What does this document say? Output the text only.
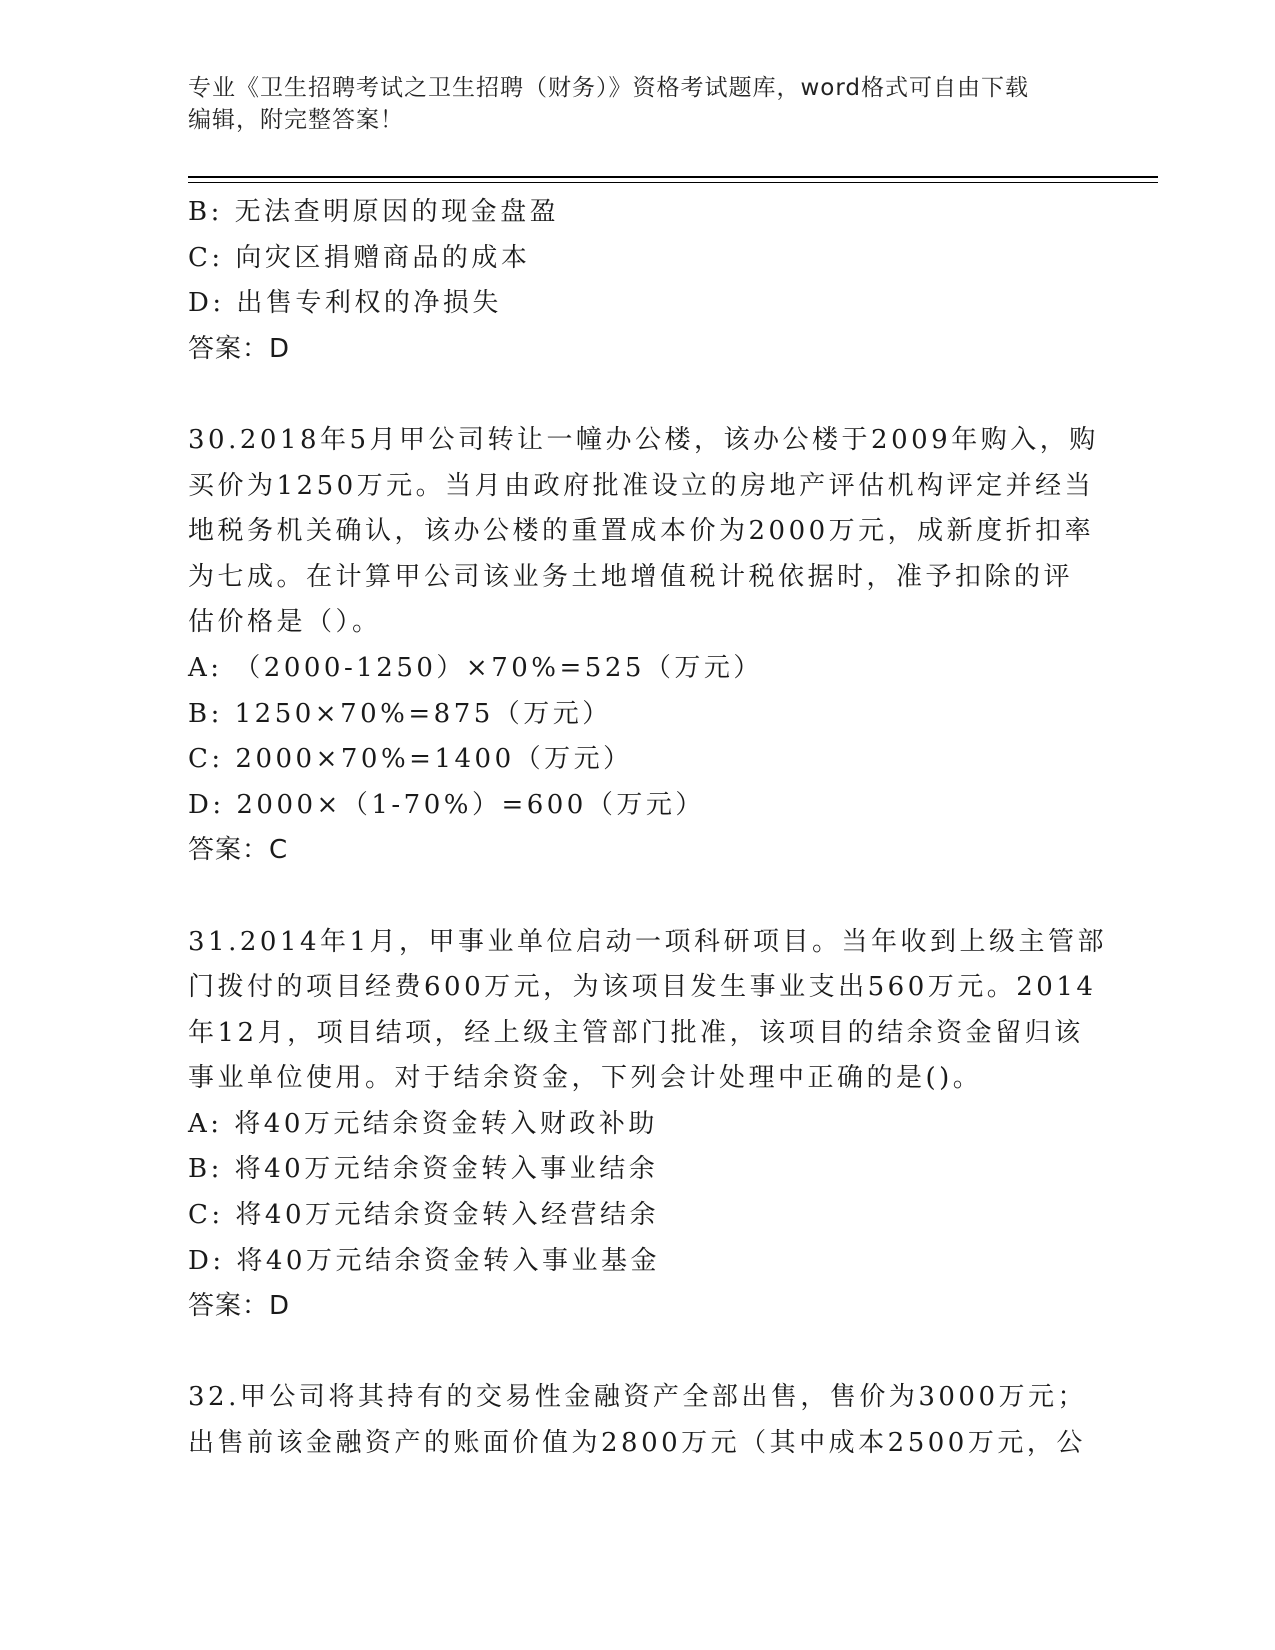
专业《卫生招聘考试之卫生招聘（财务）》资格考试题库，word格式可自由下载
编辑，附完整答案！
B: 无法查明原因的现金盘盈
C: 向灾区捐赠商品的成本
D: 出售专利权的净损失
答案：D
30.2018年5月甲公司转让一幢办公楼，该办公楼于2009年购入，购
买价为1250万元。当月由政府批准设立的房地产评估机构评定并经当
地税务机关确认，该办公楼的重置成本价为2000万元，成新度折扣率
为七成。在计算甲公司该业务土地增值税计税依据时，准予扣除的评
估价格是（）。
A: （2000-1250）×70%=525（万元）
B: 1250×70%=875（万元）
C: 2000×70%=1400（万元）
D: 2000×（1-70%）=600（万元）
答案：C
31.2014年1月，甲事业单位启动一项科研项目。当年收到上级主管部
门拨付的项目经费600万元，为该项目发生事业支出560万元。2014
年12月，项目结项，经上级主管部门批准，该项目的结余资金留归该
事业单位使用。对于结余资金，下列会计处理中正确的是()。
A: 将40万元结余资金转入财政补助
B: 将40万元结余资金转入事业结余
C: 将40万元结余资金转入经营结余
D: 将40万元结余资金转入事业基金
答案：D
32.甲公司将其持有的交易性金融资产全部出售，售价为3000万元；
出售前该金融资产的账面价值为2800万元（其中成本2500万元，公
